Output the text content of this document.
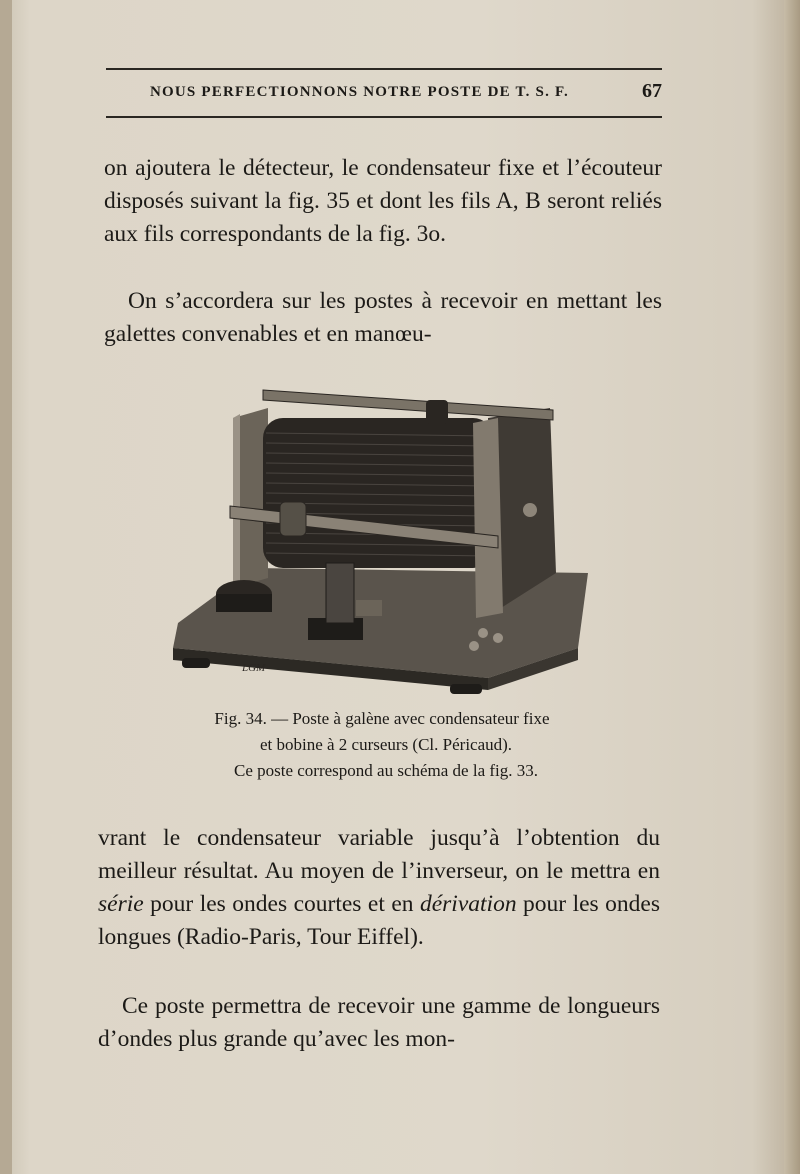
NOUS PERFECTIONNONS NOTRE POSTE DE T. S. F.	67

on ajoutera le détecteur, le condensateur fixe et l’écouteur disposés suivant la fig. 35 et dont les fils A, B seront reliés aux fils correspondants de la fig. 3o.

On s’accordera sur les postes à recevoir en mettant les galettes convenables et en manœu-

LGM
Fig. 34. — Poste à galène avec condensateur fixe
et bobine à 2 curseurs (Cl. Péricaud).
Ce poste correspond au schéma de la fig. 33.

vrant le condensateur variable jusqu’à l’obtention du meilleur résultat. Au moyen de l’inverseur, on le mettra en série pour les ondes courtes et en dérivation pour les ondes longues (Radio-Paris, Tour Eiffel).

Ce poste permettra de recevoir une gamme de longueurs d’ondes plus grande qu’avec les mon-
